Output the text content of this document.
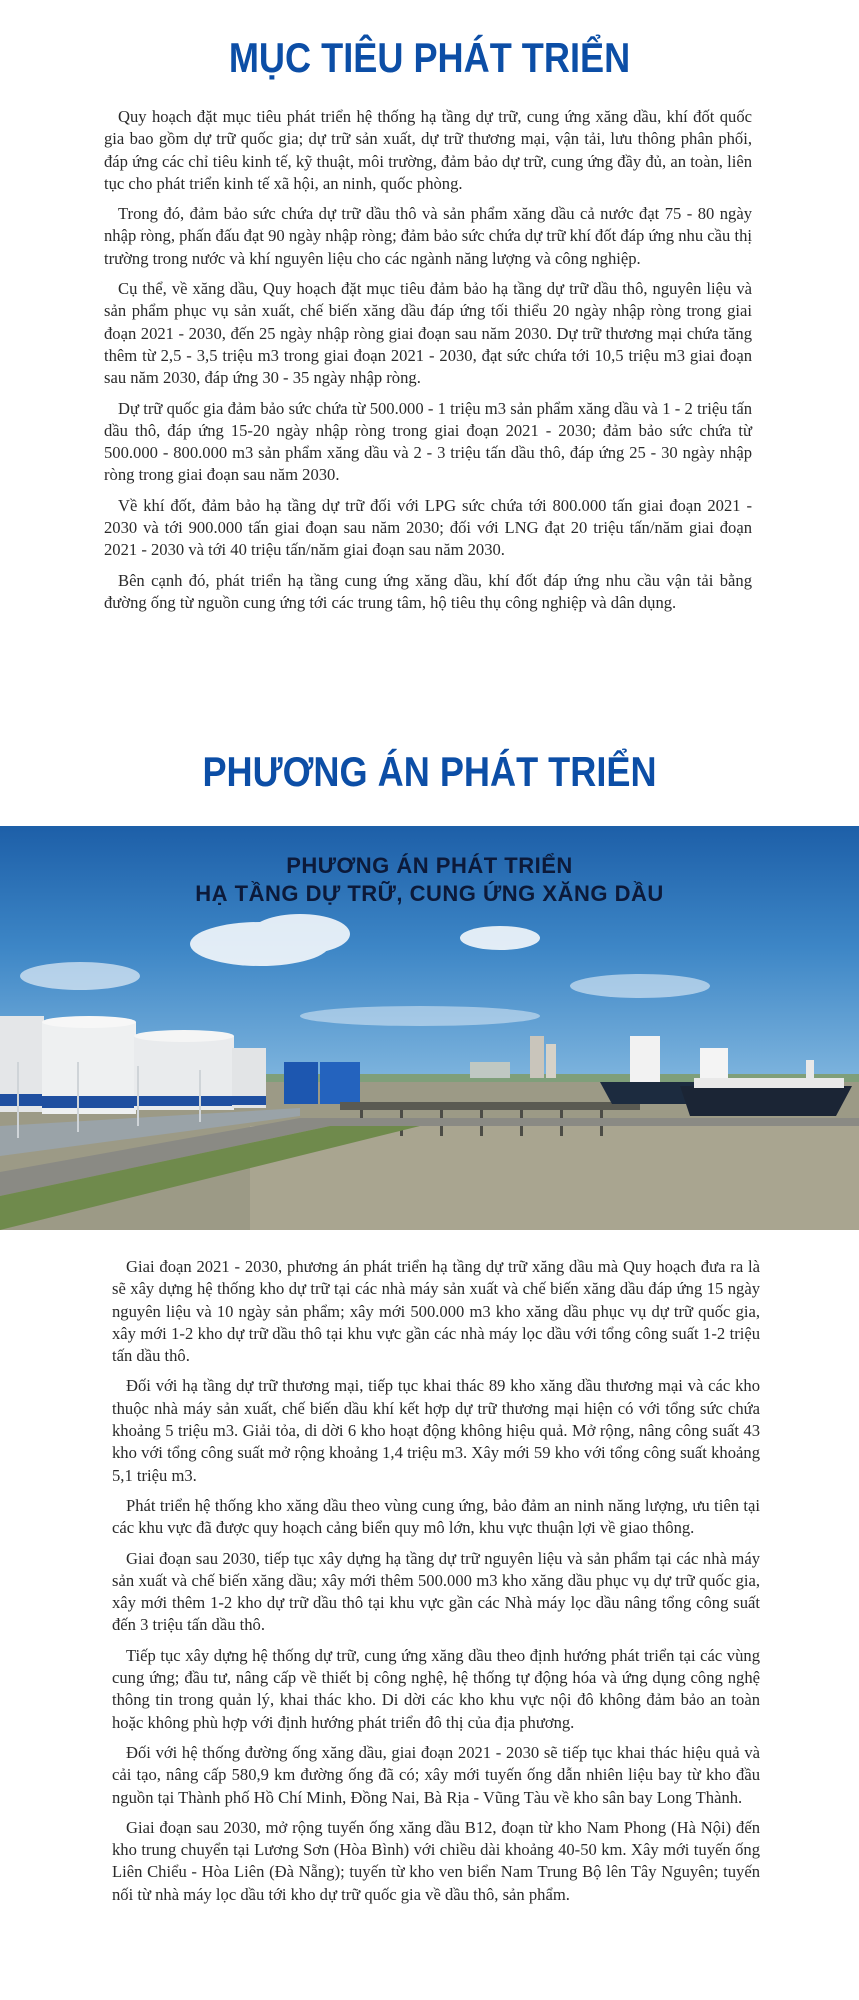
MỤC TIÊU PHÁT TRIỂN

Quy hoạch đặt mục tiêu phát triển hệ thống hạ tầng dự trữ, cung ứng xăng dầu, khí đốt quốc gia bao gồm dự trữ quốc gia; dự trữ sản xuất, dự trữ thương mại, vận tải, lưu thông phân phối, đáp ứng các chỉ tiêu kinh tế, kỹ thuật, môi trường, đảm bảo dự trữ, cung ứng đầy đủ, an toàn, liên tục cho phát triển kinh tế xã hội, an ninh, quốc phòng.

Trong đó, đảm bảo sức chứa dự trữ dầu thô và sản phẩm xăng dầu cả nước đạt 75 - 80 ngày nhập ròng, phấn đấu đạt 90 ngày nhập ròng; đảm bảo sức chứa dự trữ khí đốt đáp ứng nhu cầu thị trường trong nước và khí nguyên liệu cho các ngành năng lượng và công nghiệp.

Cụ thể, về xăng dầu, Quy hoạch đặt mục tiêu đảm bảo hạ tầng dự trữ dầu thô, nguyên liệu và sản phẩm phục vụ sản xuất, chế biến xăng dầu đáp ứng tối thiểu 20 ngày nhập ròng trong giai đoạn 2021 - 2030, đến 25 ngày nhập ròng giai đoạn sau năm 2030. Dự trữ thương mại chứa tăng thêm từ 2,5 - 3,5 triệu m3 trong giai đoạn 2021 - 2030, đạt sức chứa tới 10,5 triệu m3 giai đoạn sau năm 2030, đáp ứng 30 - 35 ngày nhập ròng.

Dự trữ quốc gia đảm bảo sức chứa từ 500.000 - 1 triệu m3 sản phẩm xăng dầu và 1 - 2 triệu tấn dầu thô, đáp ứng 15-20 ngày nhập ròng trong giai đoạn 2021 - 2030; đảm bảo sức chứa từ 500.000 - 800.000 m3 sản phẩm xăng dầu và 2 - 3 triệu tấn dầu thô, đáp ứng 25 - 30 ngày nhập ròng trong giai đoạn sau năm 2030.

Về khí đốt, đảm bảo hạ tầng dự trữ đối với LPG sức chứa tới 800.000 tấn giai đoạn 2021 - 2030 và tới 900.000 tấn giai đoạn sau năm 2030; đối với LNG đạt 20 triệu tấn/năm giai đoạn 2021 - 2030 và tới 40 triệu tấn/năm giai đoạn sau năm 2030.

Bên cạnh đó, phát triển hạ tầng cung ứng xăng dầu, khí đốt đáp ứng nhu cầu vận tải bằng đường ống từ nguồn cung ứng tới các trung tâm, hộ tiêu thụ công nghiệp và dân dụng.

PHƯƠNG ÁN PHÁT TRIỂN
PHƯƠNG ÁN PHÁT TRIỂN
HẠ TẦNG DỰ TRỮ, CUNG ỨNG XĂNG DẦU

Giai đoạn 2021 - 2030, phương án phát triển hạ tầng dự trữ xăng dầu mà Quy hoạch đưa ra là sẽ xây dựng hệ thống kho dự trữ tại các nhà máy sản xuất và chế biến xăng dầu đáp ứng 15 ngày nguyên liệu và 10 ngày sản phẩm; xây mới 500.000 m3 kho xăng dầu phục vụ dự trữ quốc gia, xây mới 1-2 kho dự trữ dầu thô tại khu vực gần các nhà máy lọc dầu với tổng công suất 1-2 triệu tấn dầu thô.

Đối với hạ tầng dự trữ thương mại, tiếp tục khai thác 89 kho xăng dầu thương mại và các kho thuộc nhà máy sản xuất, chế biến dầu khí kết hợp dự trữ thương mại hiện có với tổng sức chứa khoảng 5 triệu m3. Giải tỏa, di dời 6 kho hoạt động không hiệu quả. Mở rộng, nâng công suất 43 kho với tổng công suất mở rộng khoảng 1,4 triệu m3. Xây mới 59 kho với tổng công suất khoảng 5,1 triệu m3.

Phát triển hệ thống kho xăng dầu theo vùng cung ứng, bảo đảm an ninh năng lượng, ưu tiên tại các khu vực đã được quy hoạch cảng biển quy mô lớn, khu vực thuận lợi về giao thông.

Giai đoạn sau 2030, tiếp tục xây dựng hạ tầng dự trữ nguyên liệu và sản phẩm tại các nhà máy sản xuất và chế biến xăng dầu; xây mới thêm 500.000 m3 kho xăng dầu phục vụ dự trữ quốc gia, xây mới thêm 1-2 kho dự trữ dầu thô tại khu vực gần các Nhà máy lọc dầu nâng tổng công suất đến 3 triệu tấn dầu thô.

Tiếp tục xây dựng hệ thống dự trữ, cung ứng xăng dầu theo định hướng phát triển tại các vùng cung ứng; đầu tư, nâng cấp về thiết bị công nghệ, hệ thống tự động hóa và ứng dụng công nghệ thông tin trong quản lý, khai thác kho. Di dời các kho khu vực nội đô không đảm bảo an toàn hoặc không phù hợp với định hướng phát triển đô thị của địa phương.

Đối với hệ thống đường ống xăng dầu, giai đoạn 2021 - 2030 sẽ tiếp tục khai thác hiệu quả và cải tạo, nâng cấp 580,9 km đường ống đã có; xây mới tuyến ống dẫn nhiên liệu bay từ kho đầu nguồn tại Thành phố Hồ Chí Minh, Đồng Nai, Bà Rịa - Vũng Tàu về kho sân bay Long Thành.

Giai đoạn sau 2030, mở rộng tuyến ống xăng dầu B12, đoạn từ kho Nam Phong (Hà Nội) đến kho trung chuyển tại Lương Sơn (Hòa Bình) với chiều dài khoảng 40-50 km. Xây mới tuyến ống Liên Chiểu - Hòa Liên (Đà Nẵng); tuyến từ kho ven biển Nam Trung Bộ lên Tây Nguyên; tuyến nối từ nhà máy lọc dầu tới kho dự trữ quốc gia về dầu thô, sản phẩm.
